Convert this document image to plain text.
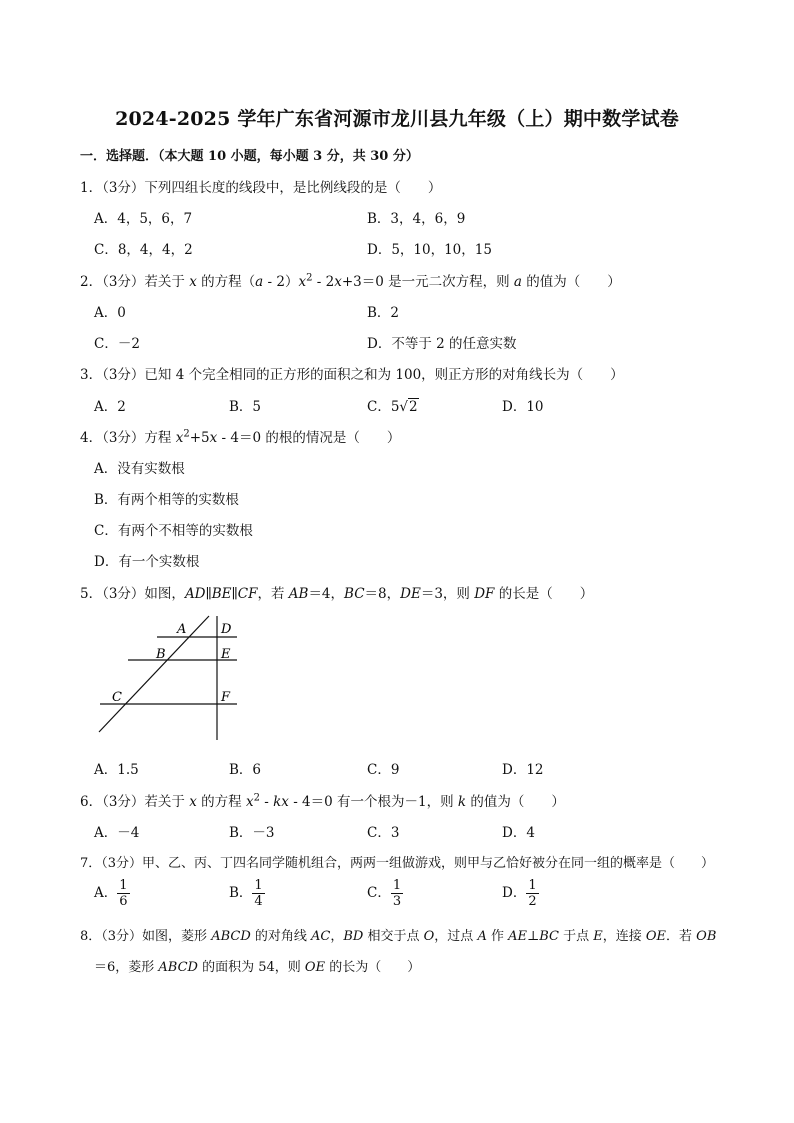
2024-2025 学年广东省河源市龙川县九年级（上）期中数学试卷
一．选择题．（本大题 10 小题，每小题 3 分，共 30 分）
1．（3分）下列四组长度的线段中，是比例线段的是（　　）
A．4，5，6，7	B．3，4，6，9
C．8，4，4，2	D．5，10，10，15
2．（3分）若关于 x 的方程$(a - 2)x^2 - 2x+3=0$ 是一元二次方程，则 a 的值为（　　）
A．0	B．2
C．－2	D．不等于 2 的任意实数
3．（3分）已知 4 个完全相同的正方形的面积之和为 100，则正方形的对角线长为（　　）
A．2	B．5	C．5√2	D．10
4．（3分）方程 $x^2+5x - 4=0$ 的根的情况是（　　）
A．没有实数根
B．有两个相等的实数根
C．有两个不相等的实数根
D．有一个实数根
5．（3分）如图，AD∥BE∥CF，若 AB＝4，BC＝8，DE＝3，则 DF 的长是（　　）
A	D
B	E
C	F
A．1.5	B．6	C．9	D．12
6．（3分）若关于 x 的方程 $x^2$ - kx - 4＝0 有一个根为－1，则 k 的值为（　　）
A．－4	B．－3	C．3	D．4
7．（3分）甲、乙、丙、丁四名同学随机组合，两两一组做游戏，则甲与乙恰好被分在同一组的概率是（　　）
A． $\frac{1}{6}$	B． $\frac{1}{4}$	C． $\frac{1}{3}$	D． $\frac{1}{2}$
8．（3分）如图，菱形 ABCD 的对角线 AC，BD 相交于点 O，过点 A 作 AE⊥BC 于点 E，连接 OE．若 OB
＝6，菱形 ABCD 的面积为 54，则 OE 的长为（　　）
